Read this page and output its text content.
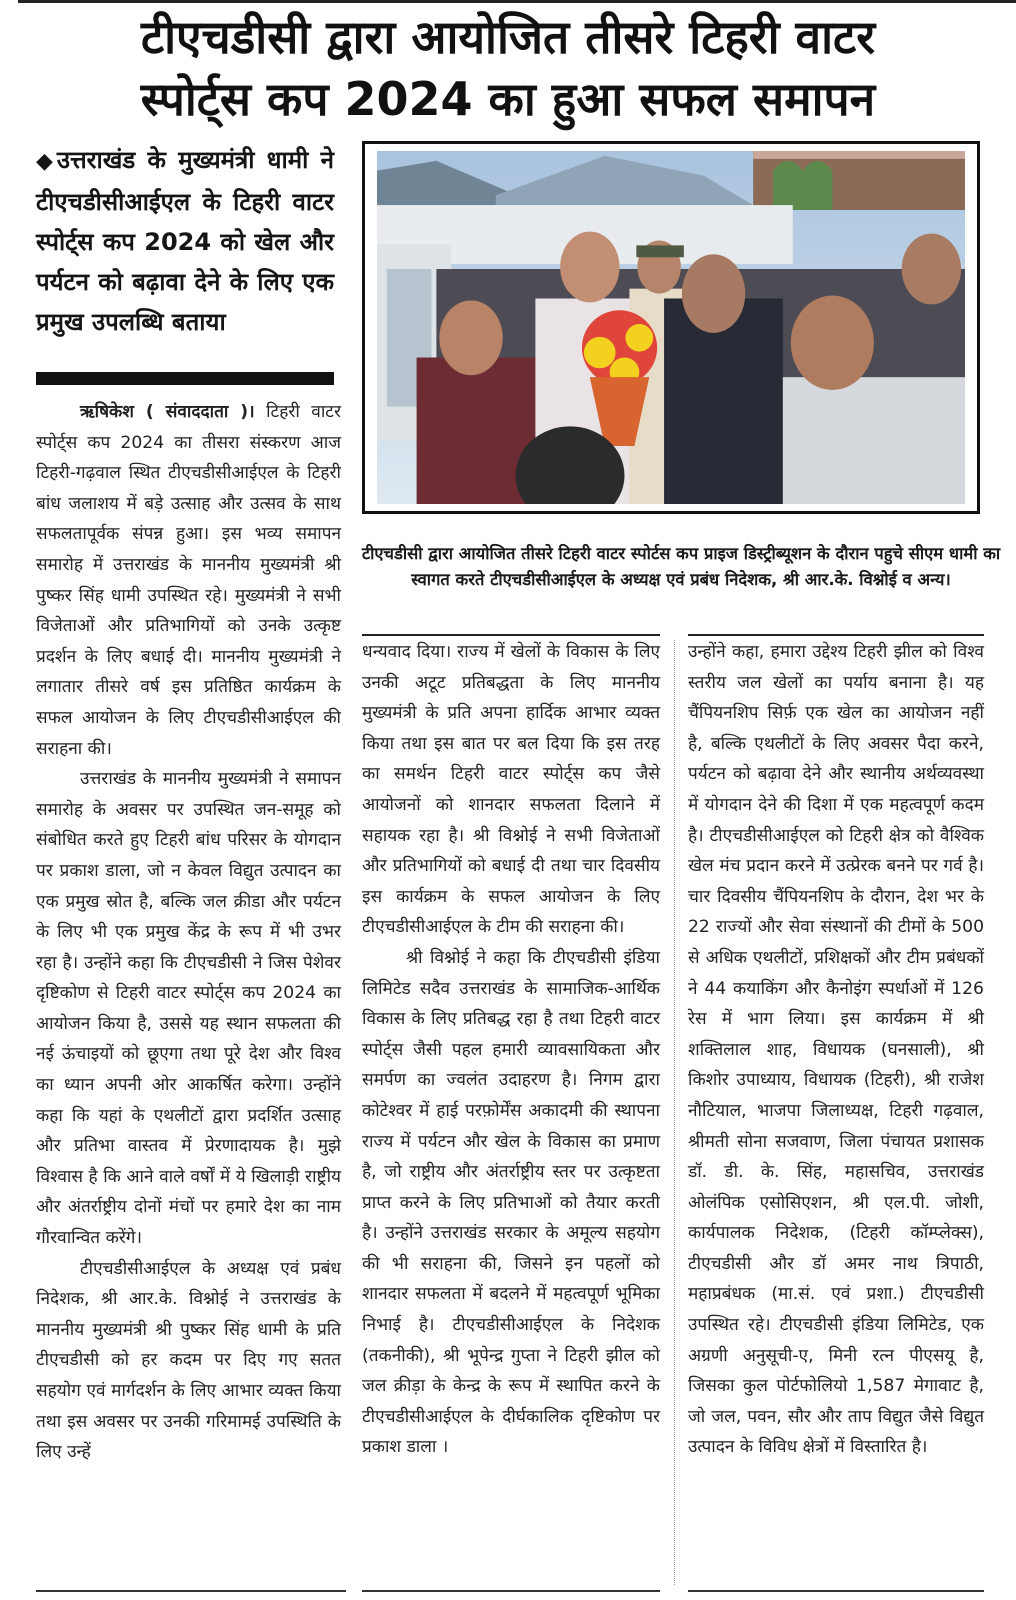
टीएचडीसी द्वारा आयोजित तीसरे टिहरी वाटर
स्पोर्ट्स कप 2024 का हुआ सफल समापन
◆उत्तराखंड के मुख्यमंत्री धामी ने टीएचडीसीआईएल के टिहरी वाटर स्पोर्ट्स कप 2024 को खेल और पर्यटन को बढ़ावा देने के लिए एक प्रमुख उपलब्धि बताया
टीएचडीसी द्वारा आयोजित तीसरे टिहरी वाटर स्पोर्टस कप प्राइज डिस्ट्रीब्यूशन के दौरान पहुचे सीएम धामी का स्वागत करते टीएचडीसीआईएल के अध्यक्ष एवं प्रबंध निदेशक, श्री आर.के. विश्नोई व अन्य।

ऋषिकेश ( संवाददाता )। टिहरी वाटर स्पोर्ट्स कप 2024 का तीसरा संस्करण आज टिहरी-गढ़वाल स्थित टीएचडीसीआईएल के टिहरी बांध जलाशय में बड़े उत्साह और उत्सव के साथ सफलतापूर्वक संपन्न हुआ। इस भव्य समापन समारोह में उत्तराखंड के माननीय मुख्यमंत्री श्री पुष्कर सिंह धामी उपस्थित रहे। मुख्यमंत्री ने सभी विजेताओं और प्रतिभागियों को उनके उत्कृष्ट प्रदर्शन के लिए बधाई दी। माननीय मुख्यमंत्री ने लगातार तीसरे वर्ष इस प्रतिष्ठित कार्यक्रम के सफल आयोजन के लिए टीएचडीसीआईएल की सराहना की।

उत्तराखंड के माननीय मुख्यमंत्री ने समापन समारोह के अवसर पर उपस्थित जन-समूह को संबोधित करते हुए टिहरी बांध परिसर के योगदान पर प्रकाश डाला, जो न केवल विद्युत उत्पादन का एक प्रमुख स्रोत है, बल्कि जल क्रीडा और पर्यटन के लिए भी एक प्रमुख केंद्र के रूप में भी उभर रहा है। उन्होंने कहा कि टीएचडीसी ने जिस पेशेवर दृष्टिकोण से टिहरी वाटर स्पोर्ट्स कप 2024 का आयोजन किया है, उससे यह स्थान सफलता की नई ऊंचाइयों को छूएगा तथा पूरे देश और विश्व का ध्यान अपनी ओर आकर्षित करेगा। उन्होंने कहा कि यहां के एथलीटों द्वारा प्रदर्शित उत्साह और प्रतिभा वास्तव में प्रेरणादायक है। मुझे विश्वास है कि आने वाले वर्षों में ये खिलाड़ी राष्ट्रीय और अंतर्राष्ट्रीय दोनों मंचों पर हमारे देश का नाम गौरवान्वित करेंगे।

टीएचडीसीआईएल के अध्यक्ष एवं प्रबंध निदेशक, श्री आर.के. विश्नोई ने उत्तराखंड के माननीय मुख्यमंत्री श्री पुष्कर सिंह धामी के प्रति टीएचडीसी को हर कदम पर दिए गए सतत सहयोग एवं मार्गदर्शन के लिए आभार व्यक्त किया तथा इस अवसर पर उनकी गरिमामई उपस्थिति के लिए उन्हें

धन्यवाद दिया। राज्य में खेलों के विकास के लिए उनकी अटूट प्रतिबद्धता के लिए माननीय मुख्यमंत्री के प्रति अपना हार्दिक आभार व्यक्त किया तथा इस बात पर बल दिया कि इस तरह का समर्थन टिहरी वाटर स्पोर्ट्स कप जैसे आयोजनों को शानदार सफलता दिलाने में सहायक रहा है। श्री विश्नोई ने सभी विजेताओं और प्रतिभागियों को बधाई दी तथा चार दिवसीय इस कार्यक्रम के सफल आयोजन के लिए टीएचडीसीआईएल के टीम की सराहना की।

श्री विश्नोई ने कहा कि टीएचडीसी इंडिया लिमिटेड सदैव उत्तराखंड के सामाजिक-आर्थिक विकास के लिए प्रतिबद्ध रहा है तथा टिहरी वाटर स्पोर्ट्स जैसी पहल हमारी व्यावसायिकता और समर्पण का ज्वलंत उदाहरण है। निगम द्वारा कोटेश्वर में हाई परफ़ोर्मेंस अकादमी की स्थापना राज्य में पर्यटन और खेल के विकास का प्रमाण है, जो राष्ट्रीय और अंतर्राष्ट्रीय स्तर पर उत्कृष्टता प्राप्त करने के लिए प्रतिभाओं को तैयार करती है। उन्होंने उत्तराखंड सरकार के अमूल्य सहयोग की भी सराहना की, जिसने इन पहलों को शानदार सफलता में बदलने में महत्वपूर्ण भूमिका निभाई है। टीएचडीसीआईएल के निदेशक (तकनीकी), श्री भूपेन्द्र गुप्ता ने टिहरी झील को जल क्रीड़ा के केन्द्र के रूप में स्थापित करने के टीएचडीसीआईएल के दीर्घकालिक दृष्टिकोण पर प्रकाश डाला ।

उन्होंने कहा, हमारा उद्देश्य टिहरी झील को विश्व स्तरीय जल खेलों का पर्याय बनाना है। यह चैंपियनशिप सिर्फ़ एक खेल का आयोजन नहीं है, बल्कि एथलीटों के लिए अवसर पैदा करने, पर्यटन को बढ़ावा देने और स्थानीय अर्थव्यवस्था में योगदान देने की दिशा में एक महत्वपूर्ण कदम है। टीएचडीसीआईएल को टिहरी क्षेत्र को वैश्विक खेल मंच प्रदान करने में उत्प्रेरक बनने पर गर्व है। चार दिवसीय चैंपियनशिप के दौरान, देश भर के 22 राज्यों और सेवा संस्थानों की टीमों के 500 से अधिक एथलीटों, प्रशिक्षकों और टीम प्रबंधकों ने 44 कयाकिंग और कैनोइंग स्पर्धाओं में 126 रेस में भाग लिया। इस कार्यक्रम में श्री शक्तिलाल शाह, विधायक (घनसाली), श्री किशोर उपाध्याय, विधायक (टिहरी), श्री राजेश नौटियाल, भाजपा जिलाध्यक्ष, टिहरी गढ़वाल, श्रीमती सोना सजवाण, जिला पंचायत प्रशासक डॉ. डी. के. सिंह, महासचिव, उत्तराखंड ओलंपिक एसोसिएशन, श्री एल.पी. जोशी, कार्यपालक निदेशक, (टिहरी कॉम्प्लेक्स), टीएचडीसी और डॉ अमर नाथ त्रिपाठी, महाप्रबंधक (मा.सं. एवं प्रशा.) टीएचडीसी उपस्थित रहे। टीएचडीसी इंडिया लिमिटेड, एक अग्रणी अनुसूची-ए, मिनी रत्न पीएसयू है, जिसका कुल पोर्टफोलियो 1,587 मेगावाट है, जो जल, पवन, सौर और ताप विद्युत जैसे विद्युत उत्पादन के विविध क्षेत्रों में विस्तारित है।
